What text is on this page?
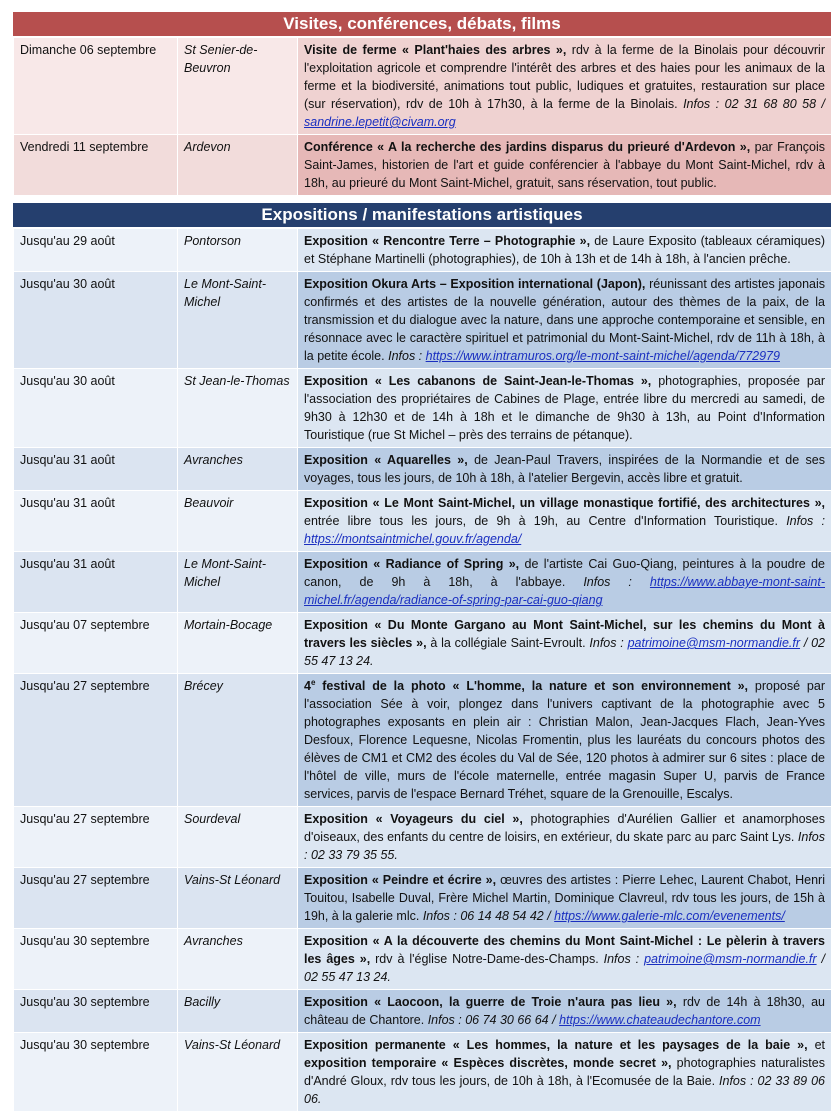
Visites, conférences, débats, films
Dimanche 06 septembre	St Senier-de-Beuvron	Visite de ferme « Plant'haies des arbres », rdv à la ferme de la Binolais pour découvrir l'exploitation agricole et comprendre l'intérêt des arbres et des haies pour les animaux de la ferme et la biodiversité, animations tout public, ludiques et gratuites, restauration sur place (sur réservation), rdv de 10h à 17h30, à la ferme de la Binolais. Infos : 02 31 68 80 58 / sandrine.lepetit@civam.org
Vendredi 11 septembre	Ardevon	Conférence « A la recherche des jardins disparus du prieuré d'Ardevon », par François Saint-James, historien de l'art et guide conférencier à l'abbaye du Mont Saint-Michel, rdv à 18h, au prieuré du Mont Saint-Michel, gratuit, sans réservation, tout public.
Expositions / manifestations artistiques
Jusqu'au 29 août	Pontorson	Exposition « Rencontre Terre – Photographie », de Laure Exposito (tableaux céramiques) et Stéphane Martinelli (photographies), de 10h à 13h et de 14h à 18h, à l'ancien prêche.
Jusqu'au 30 août	Le Mont-Saint-Michel	Exposition Okura Arts – Exposition international (Japon), réunissant des artistes japonais confirmés et des artistes de la nouvelle génération, autour des thèmes de la paix, de la transmission et du dialogue avec la nature, dans une approche contemporaine et sensible, en résonnace avec le caractère spirituel et patrimonial du Mont-Saint-Michel, rdv de 11h à 18h, à la petite école. Infos : https://www.intramuros.org/le-mont-saint-michel/agenda/772979
Jusqu'au 30 août	St Jean-le-Thomas	Exposition « Les cabanons de Saint-Jean-le-Thomas », photographies, proposée par l'association des propriétaires de Cabines de Plage, entrée libre du mercredi au samedi, de 9h30 à 12h30 et de 14h à 18h et le dimanche de 9h30 à 13h, au Point d'Information Touristique (rue St Michel – près des terrains de pétanque).
Jusqu'au 31 août	Avranches	Exposition « Aquarelles », de Jean-Paul Travers, inspirées de la Normandie et de ses voyages, tous les jours, de 10h à 18h, à l'atelier Bergevin, accès libre et gratuit.
Jusqu'au 31 août	Beauvoir	Exposition « Le Mont Saint-Michel, un village monastique fortifié, des architectures », entrée libre tous les jours, de 9h à 19h, au Centre d'Information Touristique. Infos : https://montsaintmichel.gouv.fr/agenda/
Jusqu'au 31 août	Le Mont-Saint-Michel	Exposition « Radiance of Spring », de l'artiste Cai Guo-Qiang, peintures à la poudre de canon, de 9h à 18h, à l'abbaye. Infos : https://www.abbaye-mont-saint-michel.fr/agenda/radiance-of-spring-par-cai-guo-qiang
Jusqu'au 07 septembre	Mortain-Bocage	Exposition « Du Monte Gargano au Mont Saint-Michel, sur les chemins du Mont à travers les siècles », à la collégiale Saint-Evroult. Infos : patrimoine@msm-normandie.fr / 02 55 47 13 24.
Jusqu'au 27 septembre	Brécey	4e festival de la photo « L'homme, la nature et son environnement », proposé par l'association Sée à voir, plongez dans l'univers captivant de la photographie avec 5 photographes exposants en plein air : Christian Malon, Jean-Jacques Flach, Jean-Yves Desfoux, Florence Lequesne, Nicolas Fromentin, plus les lauréats du concours photos des élèves de CM1 et CM2 des écoles du Val de Sée, 120 photos à admirer sur 6 sites : place de l'hôtel de ville, murs de l'école maternelle, entrée magasin Super U, parvis de France services, parvis de l'espace Bernard Tréhet, square de la Grenouille, Escalys.
Jusqu'au 27 septembre	Sourdeval	Exposition « Voyageurs du ciel », photographies d'Aurélien Gallier et anamorphoses d'oiseaux, des enfants du centre de loisirs, en extérieur, du skate parc au parc Saint Lys. Infos : 02 33 79 35 55.
Jusqu'au 27 septembre	Vains-St Léonard	Exposition « Peindre et écrire », œuvres des artistes : Pierre Lehec, Laurent Chabot, Henri Touitou, Isabelle Duval, Frère Michel Martin, Dominique Clavreul, rdv tous les jours, de 15h à 19h, à la galerie mlc. Infos : 06 14 48 54 42 / https://www.galerie-mlc.com/evenements/
Jusqu'au 30 septembre	Avranches	Exposition « A la découverte des chemins du Mont Saint-Michel : Le pèlerin à travers les âges », rdv à l'église Notre-Dame-des-Champs. Infos : patrimoine@msm-normandie.fr / 02 55 47 13 24.
Jusqu'au 30 septembre	Bacilly	Exposition « Laocoon, la guerre de Troie n'aura pas lieu », rdv de 14h à 18h30, au château de Chantore. Infos : 06 74 30 66 64 / https://www.chateaudechantore.com
Jusqu'au 30 septembre	Vains-St Léonard	Exposition permanente « Les hommes, la nature et les paysages de la baie », et exposition temporaire « Espèces discrètes, monde secret », photographies naturalistes d'André Gloux, rdv tous les jours, de 10h à 18h, à l'Ecomusée de la Baie. Infos : 02 33 89 06 06.
